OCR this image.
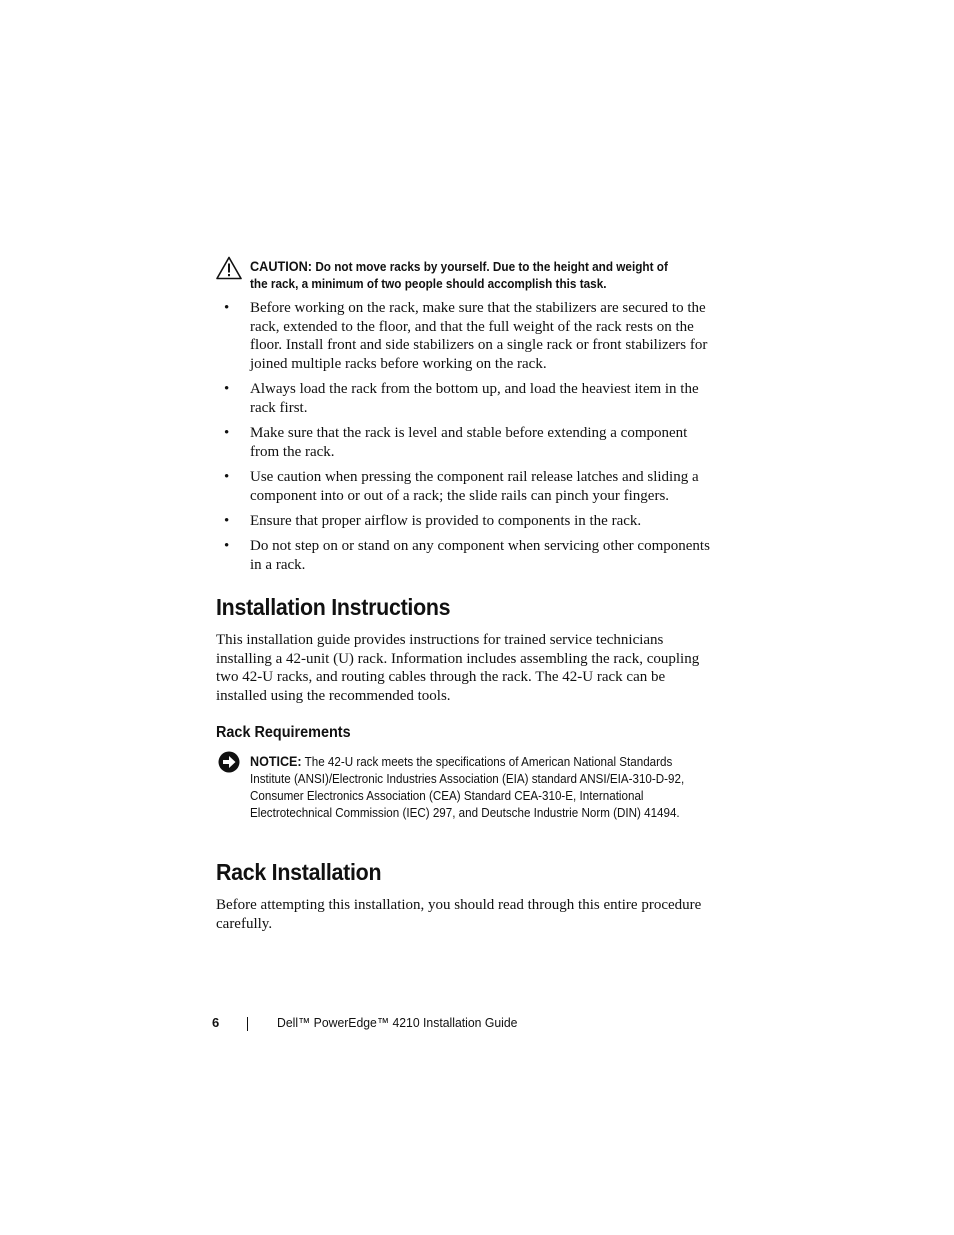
CAUTION: Do not move racks by yourself. Due to the height and weight of the rack, a minimum of two people should accomplish this task.
• Before working on the rack, make sure that the stabilizers are secured to the rack, extended to the floor, and that the full weight of the rack rests on the floor. Install front and side stabilizers on a single rack or front stabilizers for joined multiple racks before working on the rack.
• Always load the rack from the bottom up, and load the heaviest item in the rack first.
• Make sure that the rack is level and stable before extending a component from the rack.
• Use caution when pressing the component rail release latches and sliding a component into or out of a rack; the slide rails can pinch your fingers.
• Ensure that proper airflow is provided to components in the rack.
• Do not step on or stand on any component when servicing other components in a rack.
Installation Instructions

This installation guide provides instructions for trained service technicians installing a 42-unit (U) rack. Information includes assembling the rack, coupling two 42-U racks, and routing cables through the rack. The 42-U rack can be installed using the recommended tools.

Rack Requirements
NOTICE: The 42-U rack meets the specifications of American National Standards Institute (ANSI)/Electronic Industries Association (EIA) standard ANSI/EIA-310-D-92, Consumer Electronics Association (CEA) Standard CEA-310-E, International Electrotechnical Commission (IEC) 297, and Deutsche Industrie Norm (DIN) 41494.
Rack Installation

Before attempting this installation, you should read through this entire procedure carefully.

6	Dell™ PowerEdge™ 4210 Installation Guide
